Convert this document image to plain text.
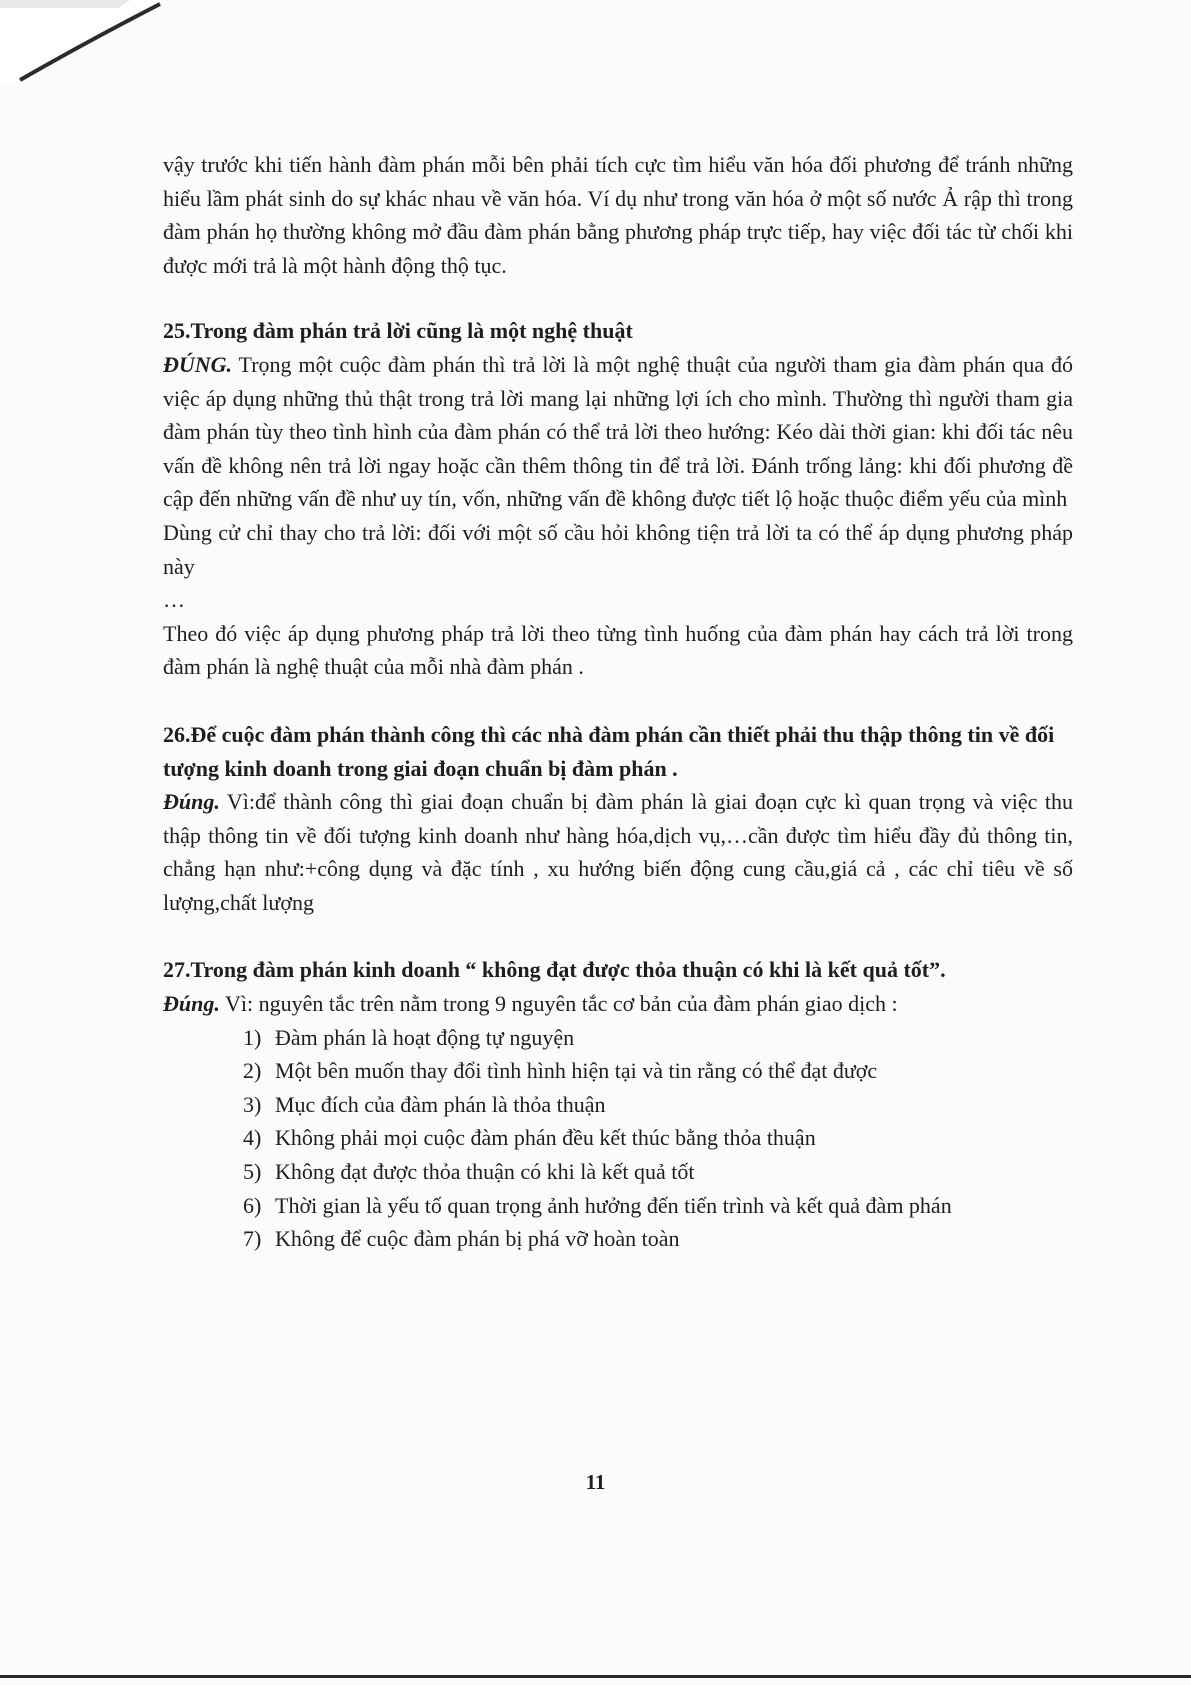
vậy trước khi tiến hành đàm phán mỗi bên phải tích cực tìm hiểu văn hóa đối phương để tránh những hiểu lầm phát sinh do sự khác nhau về văn hóa. Ví dụ như trong văn hóa ở một số nước Ả rập thì trong đàm phán họ thường không mở đầu đàm phán bằng phương pháp trực tiếp, hay việc đối tác từ chối khi được mới trả là một hành động thộ tục.

25.Trong đàm phán trả lời cũng là một nghệ thuật

ĐÚNG. Trọng một cuộc đàm phán thì trả lời là một nghệ thuật của người tham gia đàm phán qua đó việc áp dụng những thủ thật trong trả lời mang lại những lợi ích cho mình. Thường thì người tham gia đàm phán tùy theo tình hình của đàm phán có thể trả lời theo hướng: Kéo dài thời gian: khi đối tác nêu vấn đề không nên trả lời ngay hoặc cần thêm thông tin để trả lời. Đánh trống lảng: khi đối phương đề cập đến những vấn đề như uy tín, vốn, những vấn đề không được tiết lộ hoặc thuộc điểm yếu của mình

Dùng cử chỉ thay cho trả lời: đối với một số cầu hỏi không tiện trả lời ta có thể áp dụng phương pháp này

…

Theo đó việc áp dụng phương pháp trả lời theo từng tình huống của đàm phán hay cách trả lời trong đàm phán là nghệ thuật của mỗi nhà đàm phán .

26.Để cuộc đàm phán thành công thì các nhà đàm phán cần thiết phải thu thập thông tin về đối tượng kinh doanh trong giai đoạn chuẩn bị đàm phán .

Đúng. Vì:để thành công thì giai đoạn chuẩn bị đàm phán là giai đoạn cực kì quan trọng và việc thu thập thông tin về đối tượng kinh doanh như hàng hóa,dịch vụ,…cần được tìm hiểu đầy đủ thông tin, chẳng hạn như:+công dụng và đặc tính , xu hướng biến động cung cầu,giá cả , các chỉ tiêu về số lượng,chất lượng

27.Trong đàm phán kinh doanh “ không đạt được thỏa thuận có khi là kết quả tốt”.

Đúng. Vì: nguyên tắc trên nằm trong 9 nguyên tắc cơ bản của đàm phán giao dịch :

1) Đàm phán là hoạt động tự nguyện
2) Một bên muốn thay đổi tình hình hiện tại và tin rằng có thể đạt được
3) Mục đích của đàm phán là thỏa thuận
4) Không phải mọi cuộc đàm phán đều kết thúc bằng thỏa thuận
5) Không đạt được thỏa thuận có khi là kết quả tốt
6) Thời gian là yếu tố quan trọng ảnh hưởng đến tiến trình và kết quả đàm phán
7) Không để cuộc đàm phán bị phá vỡ hoàn toàn
11
